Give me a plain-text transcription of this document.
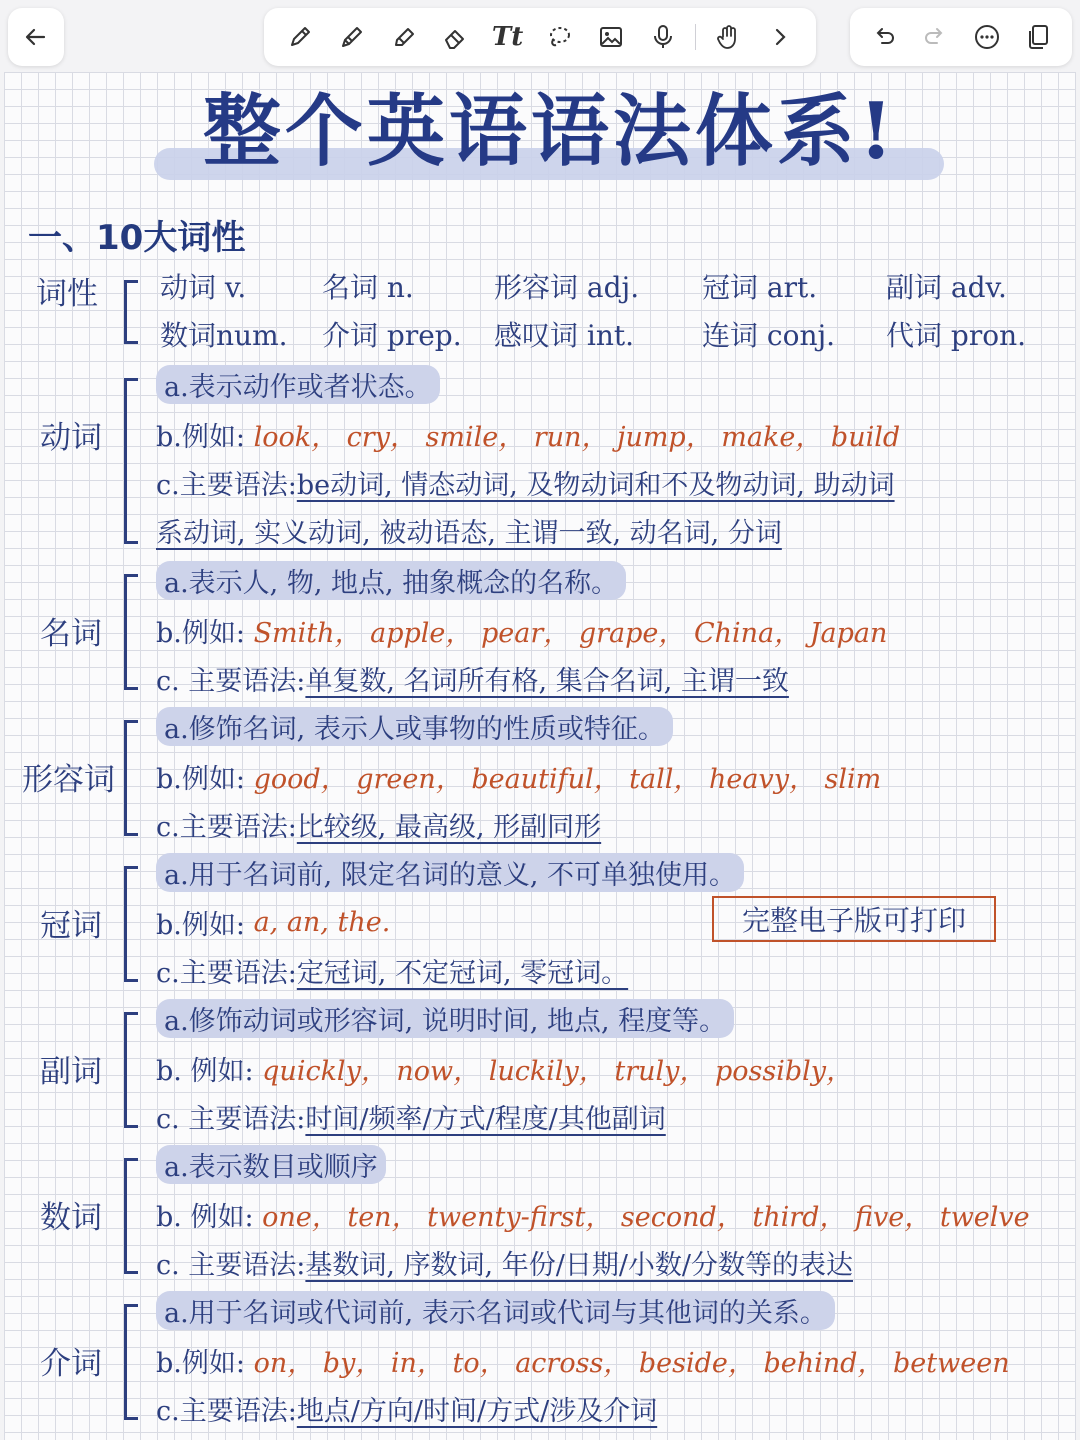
Tt
整个英语语法体系!
一、10大词性
词性 动词 v.	名词 n.	形容词 adj.	冠词 art.	副词 adv.
数词num.	介词 prep.	感叹词 int.	连词 conj.	代词 pron.
动词
a.表示动作或者状态。
b.例如:
look， cry， smile， run， jump， make， build
c.主要语法: be动词, 情态动词, 及物动词和不及物动词, 助动词
系动词, 实义动词, 被动语态, 主谓一致, 动名词, 分词
名词
a.表示人, 物, 地点, 抽象概念的名称。
b.例如:
Smith， apple， pear， grape， China， Japan
c. 主要语法: 单复数, 名词所有格, 集合名词, 主谓一致
形容词
a.修饰名词, 表示人或事物的性质或特征。
b.例如:
good， green， beautiful， tall， heavy， slim
c.主要语法: 比较级, 最高级, 形副同形
冠词
a.用于名词前, 限定名词的意义, 不可单独使用。
b.例如:
a, an, the.
c.主要语法: 定冠词, 不定冠词, 零冠词。
完整电子版可打印
副词
a.修饰动词或形容词, 说明时间, 地点, 程度等。
b. 例如:
quickly， now， luckily， truly， possibly，
c. 主要语法: 时间/频率/方式/程度/其他副词
数词
a.表示数目或顺序
b. 例如:
one， ten， twenty-first， second， third， five， twelve
c. 主要语法: 基数词, 序数词, 年份/日期/小数/分数等的表达
介词
a.用于名词或代词前, 表示名词或代词与其他词的关系。
b.例如:
on， by， in， to， across， beside， behind， between
c.主要语法: 地点/方向/时间/方式/涉及介词
